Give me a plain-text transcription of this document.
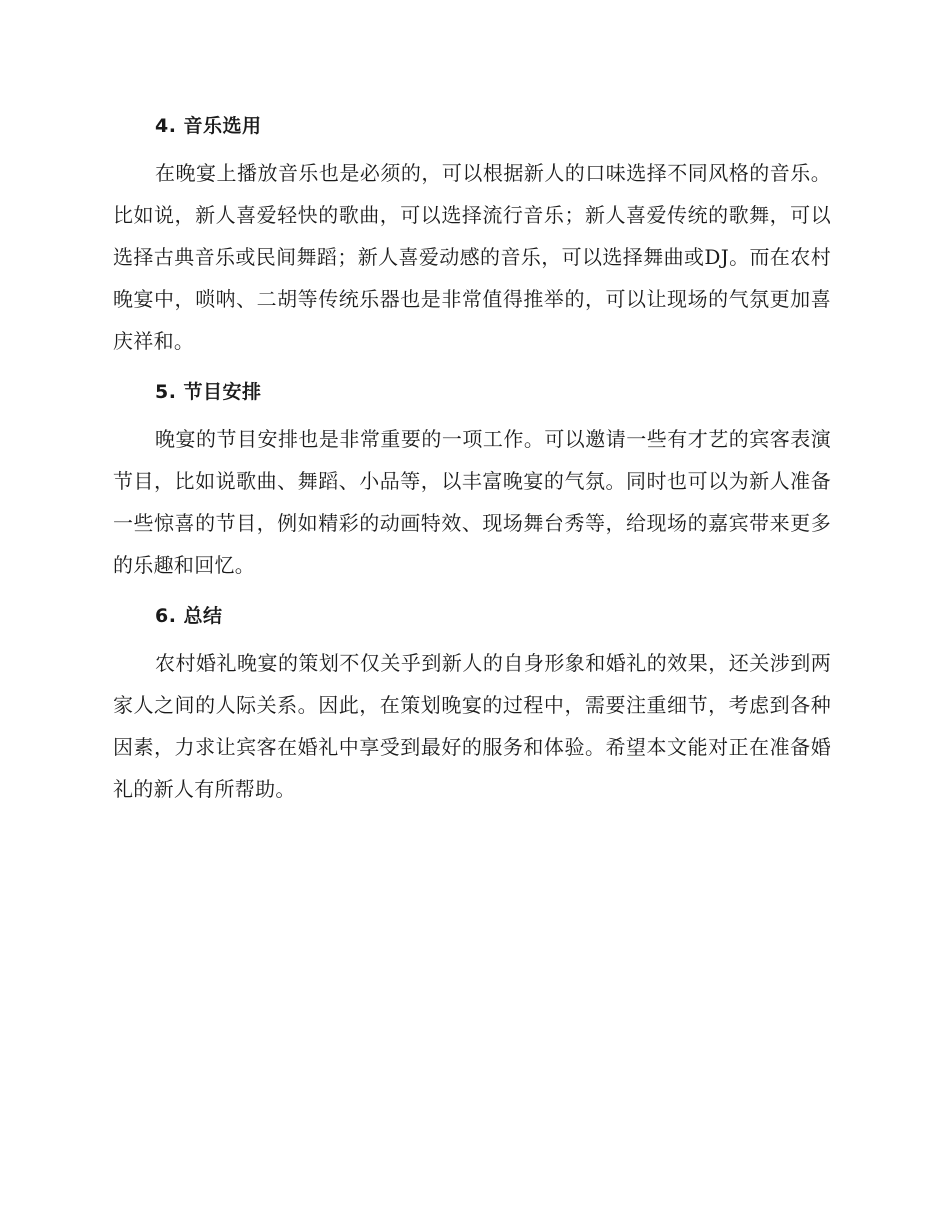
4. 音乐选用

在晚宴上播放音乐也是必须的，可以根据新人的口味选择不同风格的音乐。比如说，新人喜爱轻快的歌曲，可以选择流行音乐；新人喜爱传统的歌舞，可以选择古典音乐或民间舞蹈；新人喜爱动感的音乐，可以选择舞曲或DJ。而在农村晚宴中，唢呐、二胡等传统乐器也是非常值得推举的，可以让现场的气氛更加喜庆祥和。

5. 节目安排

晚宴的节目安排也是非常重要的一项工作。可以邀请一些有才艺的宾客表演节目，比如说歌曲、舞蹈、小品等，以丰富晚宴的气氛。同时也可以为新人准备一些惊喜的节目，例如精彩的动画特效、现场舞台秀等，给现场的嘉宾带来更多的乐趣和回忆。

6. 总结

农村婚礼晚宴的策划不仅关乎到新人的自身形象和婚礼的效果，还关涉到两家人之间的人际关系。因此，在策划晚宴的过程中，需要注重细节，考虑到各种因素，力求让宾客在婚礼中享受到最好的服务和体验。希望本文能对正在准备婚礼的新人有所帮助。
